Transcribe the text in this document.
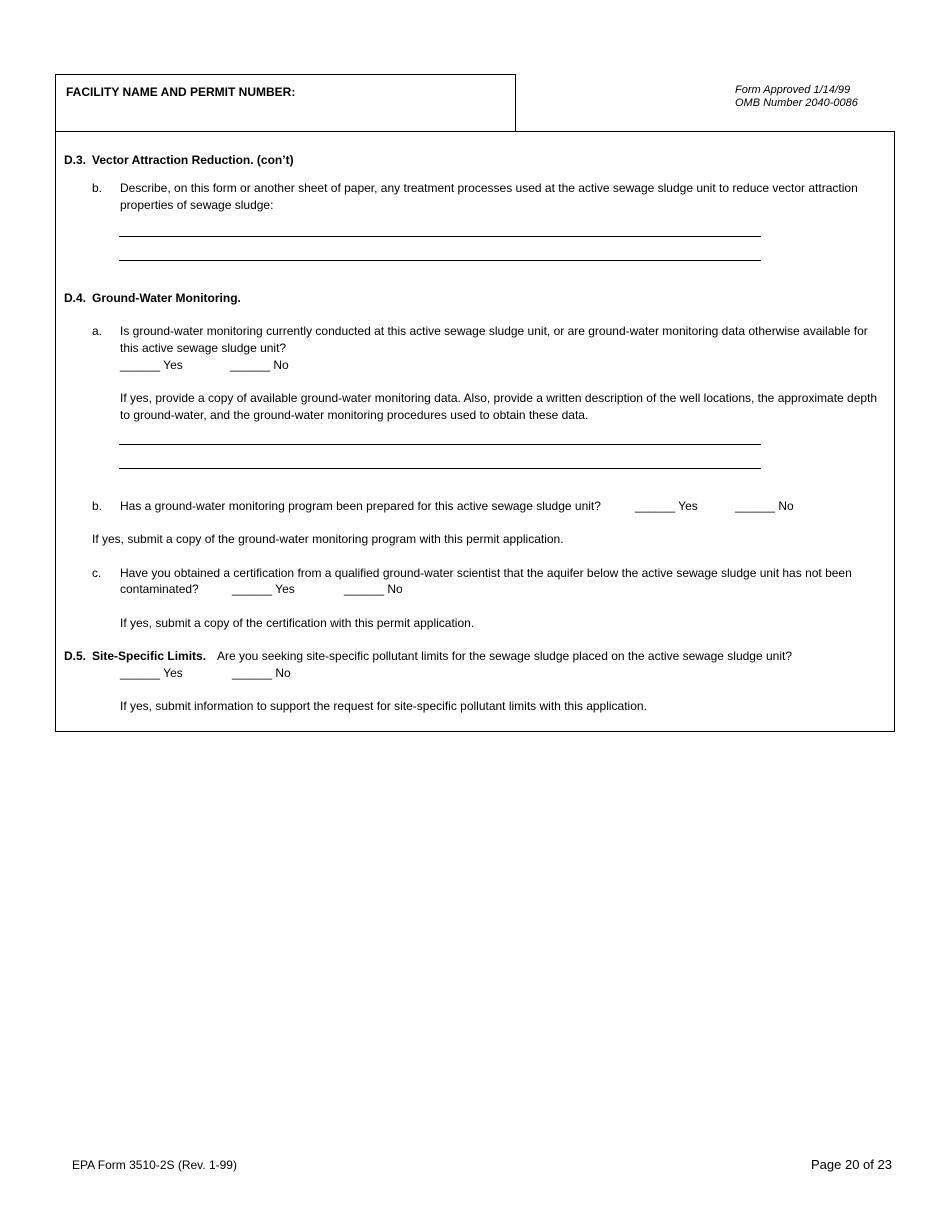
FACILITY NAME AND PERMIT NUMBER:	Form Approved 1/14/99
OMB Number 2040-0086
D.3. Vector Attraction Reduction. (con’t)
b. Describe, on this form or another sheet of paper, any treatment processes used at the active sewage sludge unit to reduce vector attraction properties of sewage sludge:
D.4. Ground-Water Monitoring.
a. Is ground-water monitoring currently conducted at this active sewage sludge unit, or are ground-water monitoring data otherwise available for this active sewage sludge unit?
______ Yes	______ No
If yes, provide a copy of available ground-water monitoring data. Also, provide a written description of the well locations, the approximate depth to ground-water, and the ground-water monitoring procedures used to obtain these data.
b. Has a ground-water monitoring program been prepared for this active sewage sludge unit?	______ Yes	______ No
If yes, submit a copy of the ground-water monitoring program with this permit application.
c. Have you obtained a certification from a qualified ground-water scientist that the aquifer below the active sewage sludge unit has not been
contaminated?	______ Yes	______ No
If yes, submit a copy of the certification with this permit application.
D.5. Site-Specific Limits. Are you seeking site-specific pollutant limits for the sewage sludge placed on the active sewage sludge unit?
______ Yes	______ No
If yes, submit information to support the request for site-specific pollutant limits with this application.
EPA Form 3510-2S (Rev. 1-99)	Page 20 of 23
